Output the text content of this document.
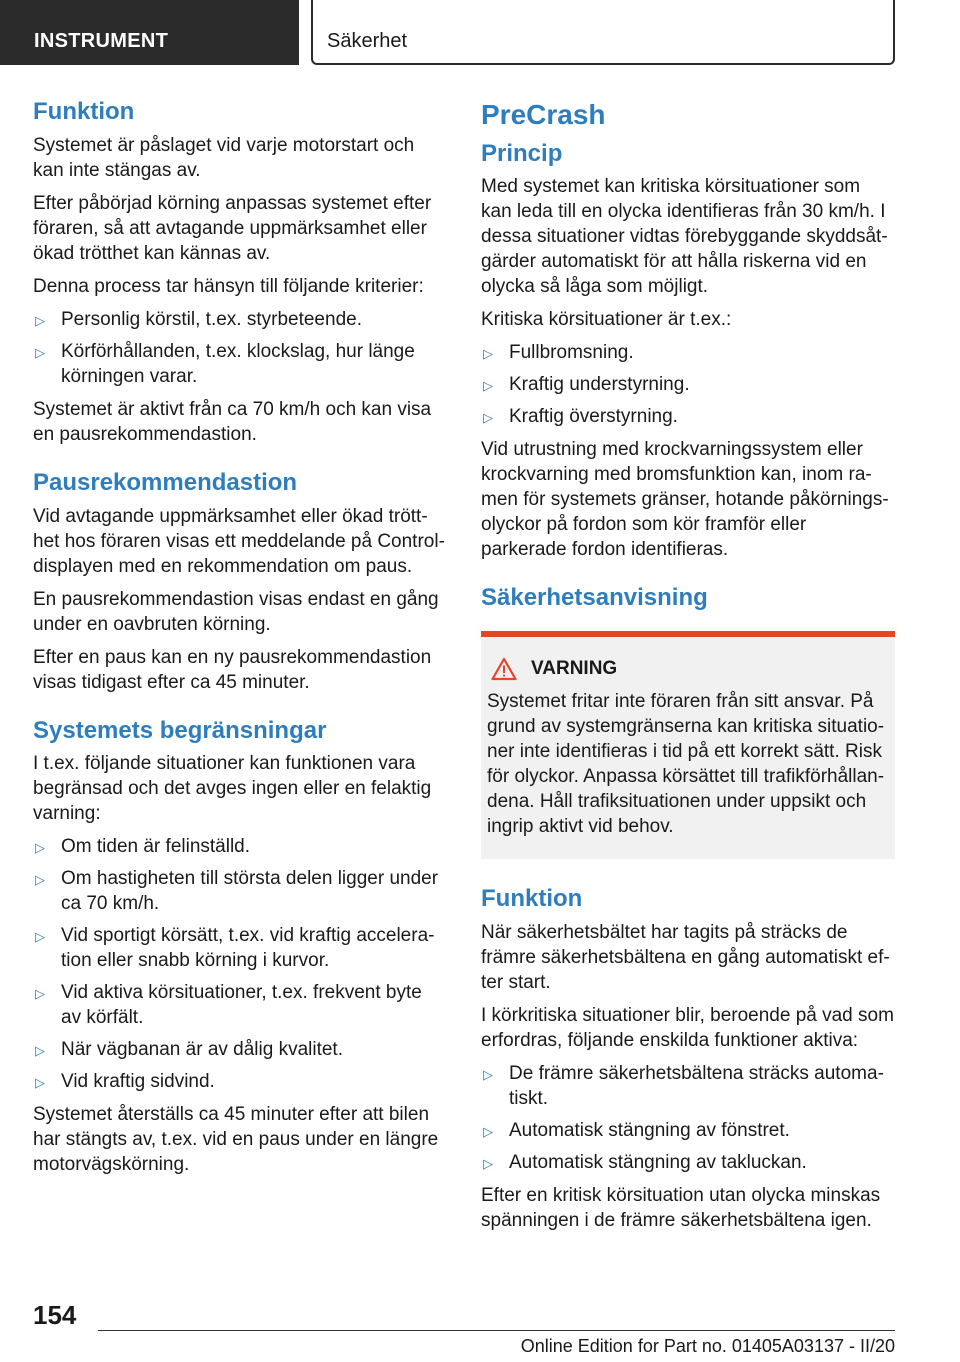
INSTRUMENT	Säkerhet
Funktion

Systemet är påslaget vid varje motorstart och kan inte stängas av.

Efter påbörjad körning anpassas systemet efter föraren, så att avtagande uppmärksamhet eller ökad trötthet kan kännas av.

Denna process tar hänsyn till följande kriterier:

▷ Personlig körstil, t.ex. styrbeteende.
▷ Körförhållanden, t.ex. klockslag, hur länge körningen varar.

Systemet är aktivt från ca 70 km/h och kan visa en pausrekommendastion.

Pausrekommendastion

Vid avtagande uppmärksamhet eller ökad trötthet hos föraren visas ett meddelande på Control-displayen med en rekommendation om paus.

En pausrekommendastion visas endast en gång under en oavbruten körning.

Efter en paus kan en ny pausrekommendastion visas tidigast efter ca 45 minuter.

Systemets begränsningar

I t.ex. följande situationer kan funktionen vara begränsad och det avges ingen eller en felaktig varning:

▷ Om tiden är felinställd.
▷ Om hastigheten till största delen ligger under ca 70 km/h.
▷ Vid sportigt körsätt, t.ex. vid kraftig acceleration eller snabb körning i kurvor.
▷ Vid aktiva körsituationer, t.ex. frekvent byte av körfält.
▷ När vägbanan är av dålig kvalitet.
▷ Vid kraftig sidvind.

Systemet återställs ca 45 minuter efter att bilen har stängts av, t.ex. vid en paus under en längre motorvägskörning.

PreCrash
Princip

Med systemet kan kritiska körsituationer som kan leda till en olycka identifieras från 30 km/h. I dessa situationer vidtas förebyggande skyddsåtgärder automatiskt för att hålla riskerna vid en olycka så låga som möjligt.

Kritiska körsituationer är t.ex.:

▷ Fullbromsning.
▷ Kraftig understyrning.
▷ Kraftig överstyrning.

Vid utrustning med krockvarningssystem eller krockvarning med bromsfunktion kan, inom ramen för systemets gränser, hotande påkörningsolyckor på fordon som kör framför eller parkerade fordon identifieras.

Säkerhetsanvisning
VARNING

Systemet fritar inte föraren från sitt ansvar. På grund av systemgränserna kan kritiska situationer inte identifieras i tid på ett korrekt sätt. Risk för olyckor. Anpassa körsättet till trafikförhållandena. Håll trafiksituationen under uppsikt och ingrip aktivt vid behov.

Funktion

När säkerhetsbältet har tagits på sträcks de främre säkerhetsbältena en gång automatiskt efter start.

I körkritiska situationer blir, beroende på vad som erfordras, följande enskilda funktioner aktiva:

▷ De främre säkerhetsbältena sträcks automatiskt.
▷ Automatisk stängning av fönstret.
▷ Automatisk stängning av takluckan.

Efter en kritisk körsituation utan olycka minskas spänningen i de främre säkerhetsbältena igen.

154
Online Edition for Part no. 01405A03137 - II/20
